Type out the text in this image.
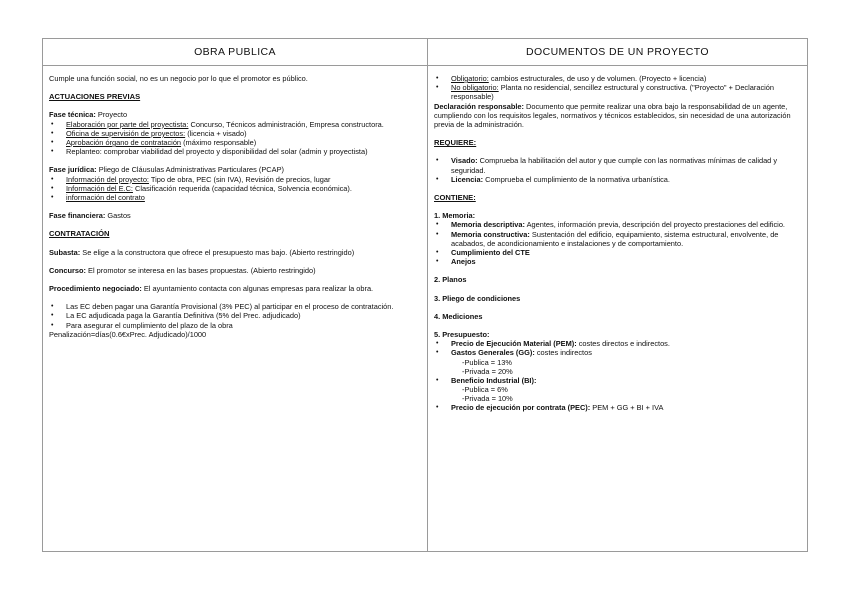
OBRA PUBLICA

Cumple una función social, no es un negocio por lo que el promotor es público.

ACTUACIONES PREVIAS

Fase técnica: Proyecto

• Elaboración por parte del proyectista: Concurso, Técnicos administración, Empresa constructora.
• Oficina de supervisión de proyectos: (licencia + visado)
• Aprobación órgano de contratación (máximo responsable)
• Replanteo: comprobar viabilidad del proyecto y disponibilidad del solar (admin y proyectista)

Fase jurídica: Pliego de Cláusulas Administrativas Particulares (PCAP)

• Información del proyecto: Tipo de obra, PEC (sin IVA), Revisión de precios, lugar
• Información del E.C: Clasificación requerida (capacidad técnica, Solvencia económica).
• información del contrato

Fase financiera: Gastos

CONTRATACIÓN

Subasta: Se elige a la constructora que ofrece el presupuesto mas bajo. (Abierto restringido)

Concurso: El promotor se interesa en las bases propuestas. (Abierto restringido)

Procedimiento negociado: El ayuntamiento contacta con algunas empresas para realizar la obra.

• Las EC deben pagar una Garantía Provisional (3% PEC) al participar en el proceso de contratación.
• La EC adjudicada paga la Garantía Definitiva (5% del Prec. adjudicado)
• Para asegurar el cumplimiento del plazo de la obra

Penalización=días(0.6€xPrec. Adjudicado)/1000

DOCUMENTOS DE UN PROYECTO
• Obligatorio: cambios estructurales, de uso y de volumen. (Proyecto + licencia)
• No obligatorio: Planta no residencial, sencillez estructural y constructiva. ("Proyecto" + Declaración responsable)

Declaración responsable: Documento que permite realizar una obra bajo la responsabilidad de un agente, cumpliendo con los requisitos legales, normativos y técnicos establecidos, sin necesidad de una autorización previa de la administración.

REQUIERE:

• Visado: Comprueba la habilitación del autor y que cumple con las normativas mínimas de calidad y seguridad.
• Licencia: Comprueba el cumplimiento de la normativa urbanística.

CONTIENE:

1. Memoria:

• Memoria descriptiva: Agentes, información previa, descripción del proyecto prestaciones del edificio.
• Memoria constructiva: Sustentación del edificio, equipamiento, sistema estructural, envolvente, de acabados, de acondicionamiento e instalaciones y de comportamiento.
• Cumplimiento del CTE
• Anejos

2. Planos

3. Pliego de condiciones

4. Mediciones

5. Presupuesto:

• Precio de Ejecución Material (PEM): costes directos e indirectos.
• Gastos Generales (GG): costes indirectos

-Publica = 13%

-Privada = 20%

• Beneficio Industrial (BI):

-Publica = 6%

-Privada = 10%

• Precio de ejecución por contrata (PEC): PEM + GG + BI + IVA
